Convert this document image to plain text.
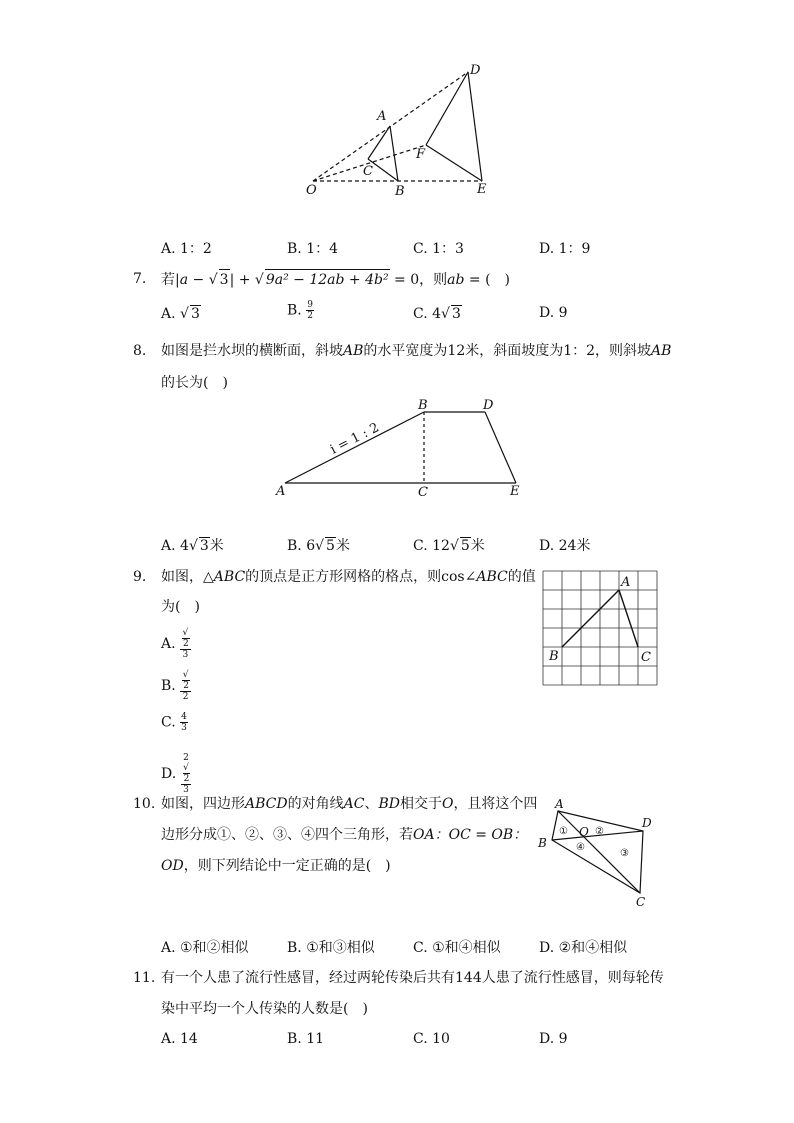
D
A
F
C
O	B	E
A. 1：2	B. 1：4	C. 1：3	D. 1：9
7. 若|a − √ 3| + √ 9a² − 12ab + 4b² = 0，则ab = (　)
A. √ 3	B. $\frac{9}{2}$	C. 4√ 3	D. 9
8. 如图是拦水坝的横断面，斜坡AB的水平宽度为12米，斜面坡度为1：2，则斜坡AB
的长为(　)
B	D
i = 1 : 2
A	C	E
A. 4√ 3米	B. 6√ 5米	C. 12√ 5米	D. 24米
9. 如图，△ABC的顶点是正方形网格的格点，则cos∠ABC的值
为(　)
A
B	C
A. √
2
3
B. √
2
2
C. $\frac{4}{3}$
D. 2
√
2
3
10. 如图，四边形ABCD的对角线AC、BD相交于O，且将这个四
边形分成①、②、③、④四个三角形，若OA：OC = OB：
OD，则下列结论中一定正确的是(　)
A
D
B
O
C
①	②
③
④
A. ①和②相似	B. ①和③相似	C. ①和④相似	D. ②和④相似
11. 有一个人患了流行性感冒，经过两轮传染后共有144人患了流行性感冒，则每轮传
染中平均一个人传染的人数是(　)
A. 14	B. 11	C. 10	D. 9
